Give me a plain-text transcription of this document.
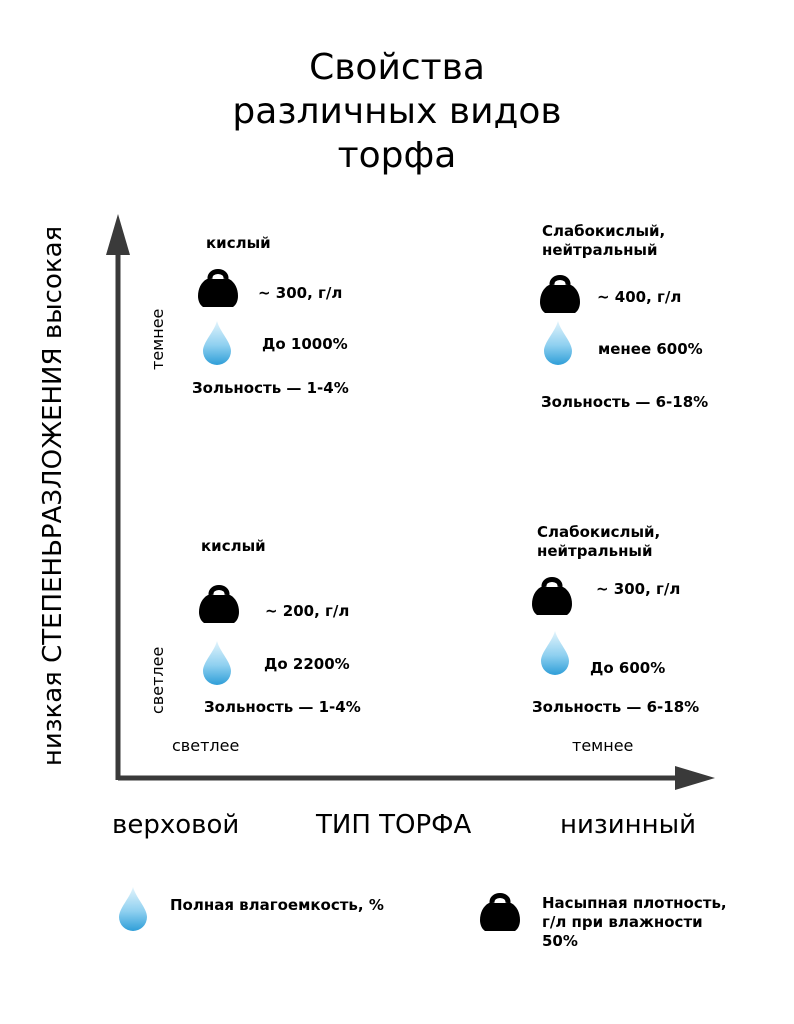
Свойства
различных видов
торфа
низкая СТЕПЕНЬРАЗЛОЖЕНИЯ высокая	темнее
светлее
кислый
~ 300, г/л
До 1000%
Зольность — 1-4%
Слабокислый,
нейтральный
~ 400, г/л
менее 600%
Зольность — 6-18%
кислый
~ 200, г/л
До 2200%
Зольность — 1-4%
Слабокислый,
нейтральный
~ 300, г/л
До 600%
Зольность — 6-18%
светлее	темнее
верховой	ТИП ТОРФА	низинный
Полная влагоемкость, %	Насыпная плотность,
г/л при влажности
50%
